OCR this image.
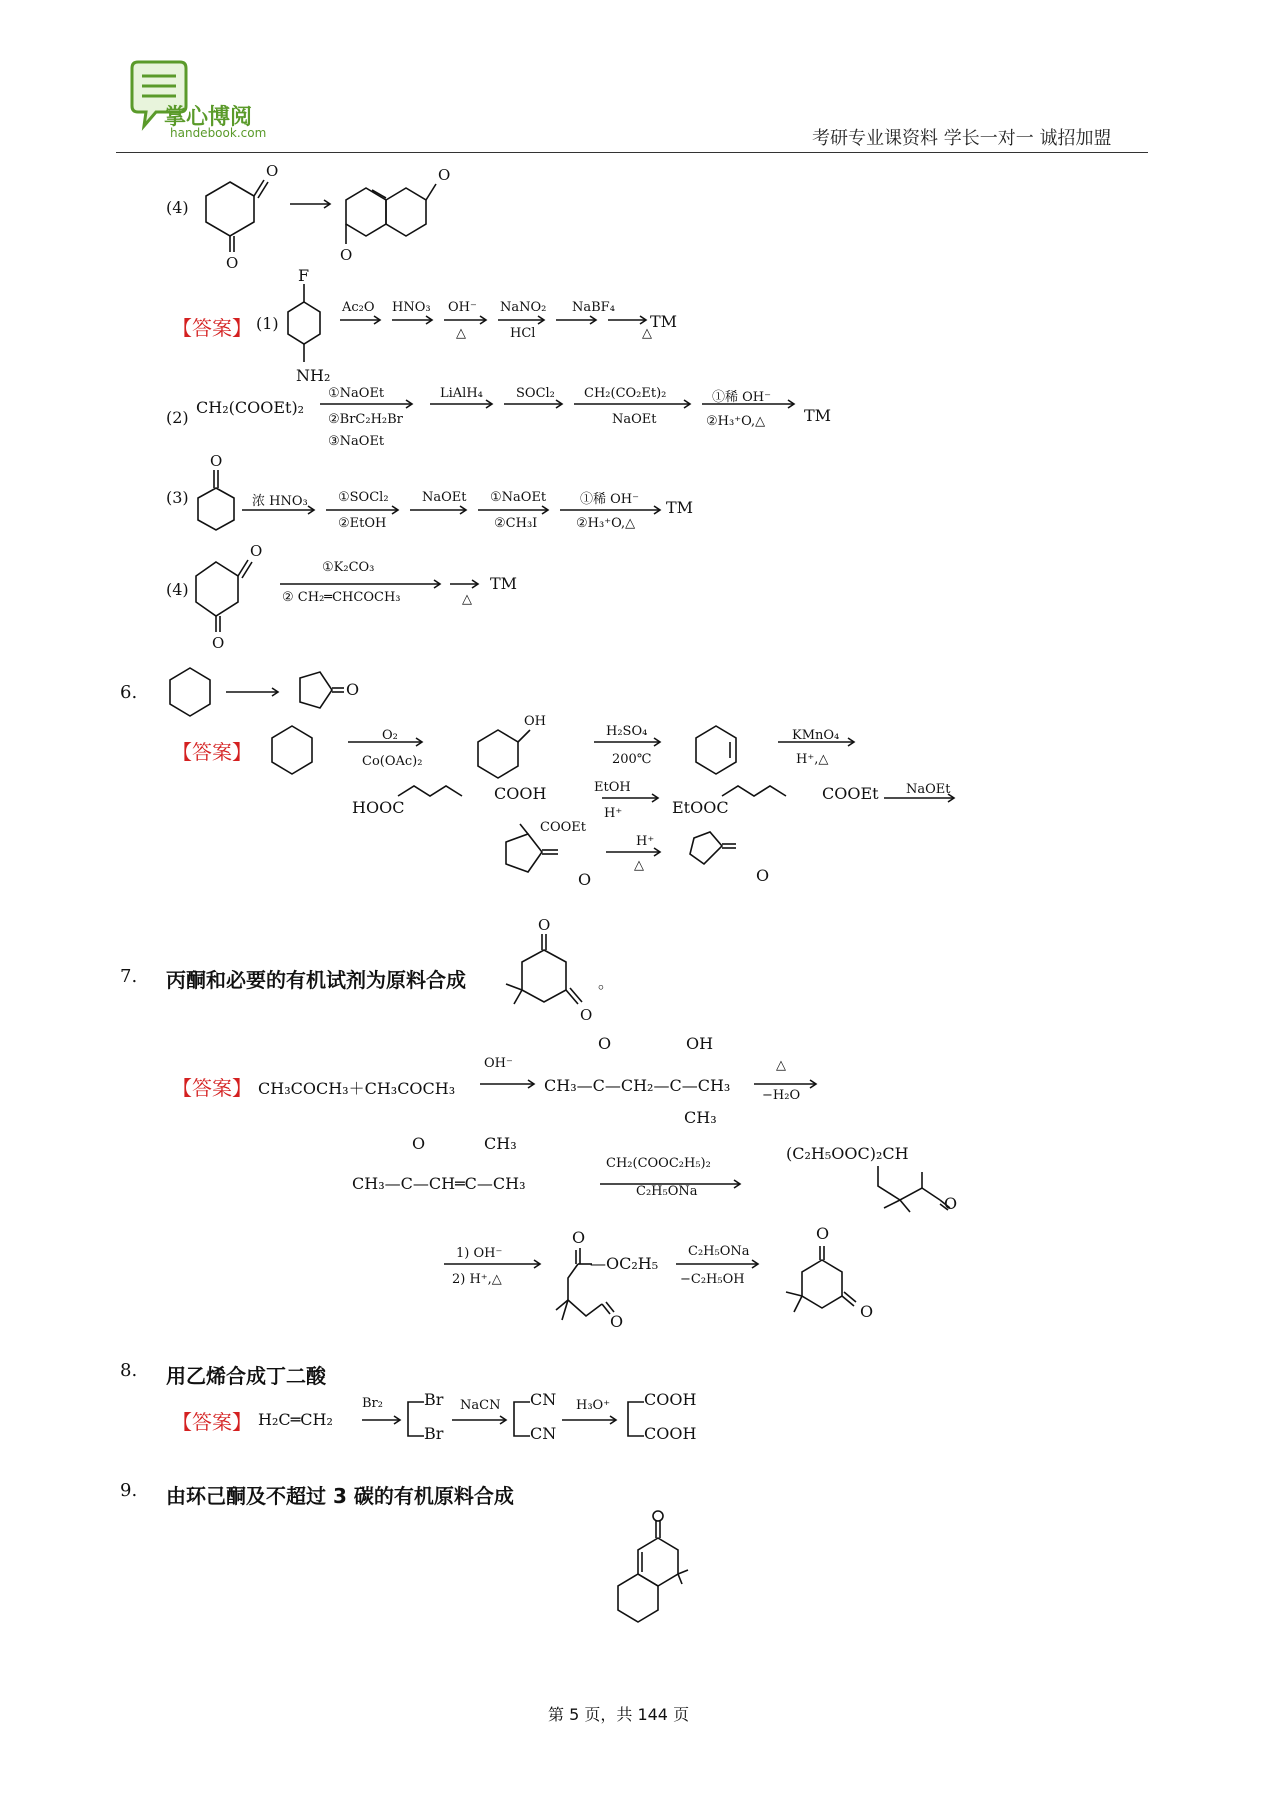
掌心博阅
handebook.com	考研专业课资料 学长一对一 诚招加盟
(4)
O
O
O
O
【答案】 (1)
F
NH₂
Ac₂O HNO₃ OH⁻
△
NaNO₂
HCl
NaBF₄
△
TM
(2)
CH₂(COOEt)₂
①NaOEt
②BrC₂H₂Br
③NaOEt
LiAlH₄	SOCl₂ CH₂(CO₂Et)₂
NaOEt
①稀 OH⁻
②H₃⁺O,△ TM
(3)
O
浓 HNO₃ ①SOCl₂
②EtOH
NaOEt ①NaOEt
②CH₃I
①稀 OH⁻
②H₃⁺O,△
TM
(4)
O
O
①K₂CO₃
② CH₂═CHCOCH₃	△
TM
6.	O
【答案】
O₂
Co(OAc)₂
OH
H₂SO₄
200℃
KMnO₄
H⁺,△
HOOC
COOH	EtOH
H⁺	EtOOC
COOEt NaOEt
COOEt
O
H⁺
△
O
7. 丙酮和必要的有机试剂为原料合成
O
O
。
【答案】 CH₃COCH₃＋CH₃COCH₃
OH⁻
CH₃—C—CH₂—C—CH₃
O	OH
CH₃
△
−H₂O
O	CH₃
CH₃—C—CH═C—CH₃
CH₂(COOC₂H₅)₂
C₂H₅ONa
(C₂H₅OOC)₂CH
O
1) OH⁻
2) H⁺,△
O
—OC₂H₅
O
C₂H₅ONa
−C₂H₅OH
O
O
8. 用乙烯合成丁二酸
【答案】 H₂C═CH₂
Br₂	Br
Br
NaCN CN
CN
H₃O⁺ COOH
COOH
9. 由环己酮及不超过 3 碳的有机原料合成
第 5 页，共 144 页
